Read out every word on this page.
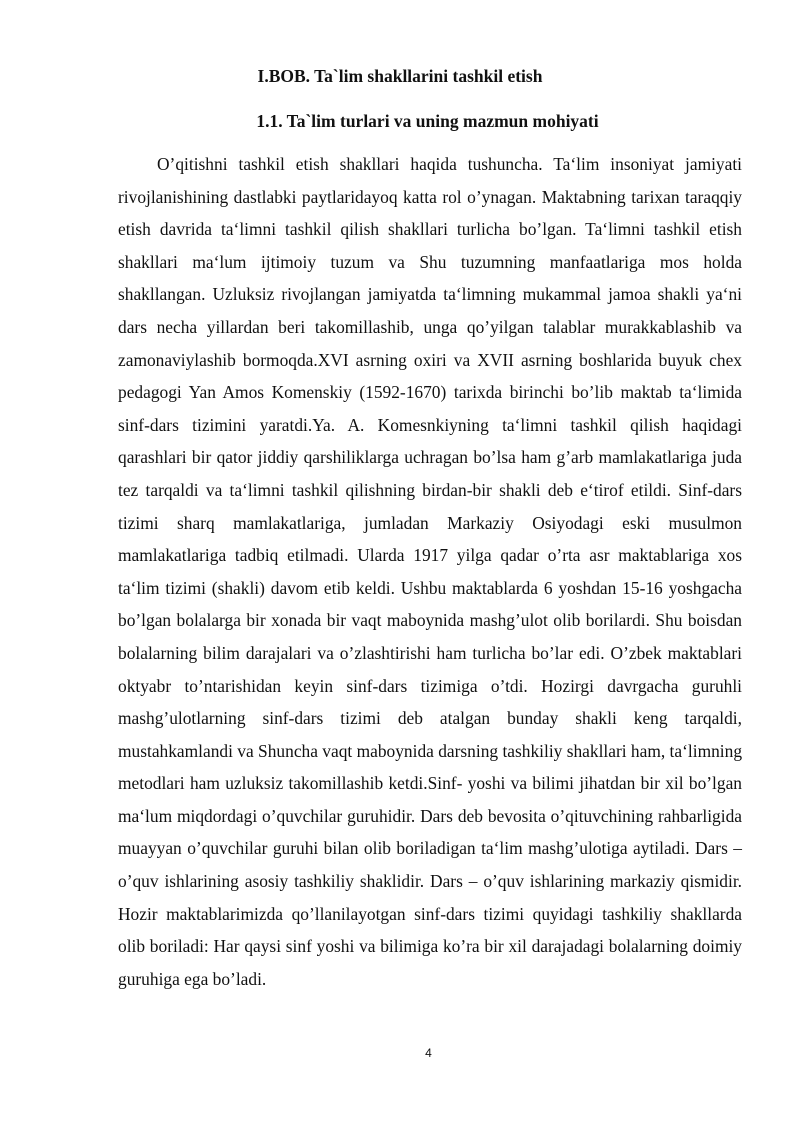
I.BOB. Ta`lim shakllarini tashkil etish
1.1. Ta`lim turlari va uning mazmun mohiyati

O’qitishni tashkil etish shakllari haqida tushuncha. Ta‘lim insoniyat jamiyati rivojlanishining dastlabki paytlaridayoq katta rol o’ynagan. Maktabning tarixan taraqqiy etish davrida ta‘limni tashkil qilish shakllari turlicha bo’lgan. Ta‘limni tashkil etish shakllari ma‘lum ijtimoiy tuzum va Shu tuzumning manfaatlariga mos holda shakllangan. Uzluksiz rivojlangan jamiyatda ta‘limning mukammal jamoa shakli ya‘ni dars necha yillardan beri takomillashib, unga qo’yilgan talablar murakkablashib va zamonaviylashib bormoqda.XVI asrning oxiri va XVII asrning boshlarida buyuk chex pedagogi Yan Amos Komenskiy (1592-1670) tarixda birinchi bo’lib maktab ta‘limida sinf-dars tizimini yaratdi.Ya. A. Komesnkiyning ta‘limni tashkil qilish haqidagi qarashlari bir qator jiddiy qarshiliklarga uchragan bo’lsa ham g’arb mamlakatlariga juda tez tarqaldi va ta‘limni tashkil qilishning birdan-bir shakli deb e‘tirof etildi. Sinf-dars tizimi sharq mamlakatlariga, jumladan Markaziy Osiyodagi eski musulmon mamlakatlariga tadbiq etilmadi. Ularda 1917 yilga qadar o’rta asr maktablariga xos ta‘lim tizimi (shakli) davom etib keldi. Ushbu maktablarda 6 yoshdan 15-16 yoshgacha bo’lgan bolalarga bir xonada bir vaqt maboynida mashg’ulot olib borilardi. Shu boisdan bolalarning bilim darajalari va o’zlashtirishi ham turlicha bo’lar edi. O’zbek maktablari oktyabr to’ntarishidan keyin sinf-dars tizimiga o’tdi. Hozirgi davrgacha guruhli mashg’ulotlarning sinf-dars tizimi deb atalgan bunday shakli keng tarqaldi, mustahkamlandi va Shuncha vaqt maboynida darsning tashkiliy shakllari ham, ta‘limning metodlari ham uzluksiz takomillashib ketdi.Sinf- yoshi va bilimi jihatdan bir xil bo’lgan ma‘lum miqdordagi o’quvchilar guruhidir. Dars deb bevosita o’qituvchining rahbarligida muayyan o’quvchilar guruhi bilan olib boriladigan ta‘lim mashg’ulotiga aytiladi. Dars – o’quv ishlarining asosiy tashkiliy shaklidir. Dars – o’quv ishlarining markaziy qismidir. Hozir maktablarimizda qo’llanilayotgan sinf-dars tizimi quyidagi tashkiliy shakllarda olib boriladi: Har qaysi sinf yoshi va bilimiga ko’ra bir xil darajadagi bolalarning doimiy guruhiga ega bo’ladi.

4
